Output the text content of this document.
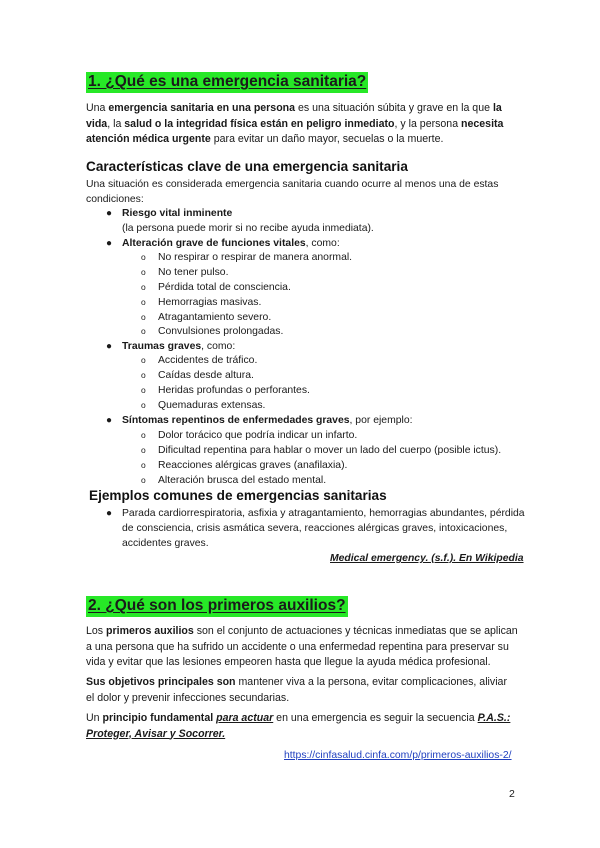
1. ¿Qué es una emergencia sanitaria?
Una emergencia sanitaria en una persona es una situación súbita y grave en la que la vida, la salud o la integridad física están en peligro inmediato, y la persona necesita atención médica urgente para evitar un daño mayor, secuelas o la muerte.
Características clave de una emergencia sanitaria
Una situación es considerada emergencia sanitaria cuando ocurre al menos una de estas
condiciones:
● Riesgo vital inminente
(la persona puede morir si no recibe ayuda inmediata).
● Alteración grave de funciones vitales, como:
o No respirar o respirar de manera anormal.
o No tener pulso.
o Pérdida total de consciencia.
o Hemorragias masivas.
o Atragantamiento severo.
o Convulsiones prolongadas.
● Traumas graves, como:
o Accidentes de tráfico.
o Caídas desde altura.
o Heridas profundas o perforantes.
o Quemaduras extensas.
● Síntomas repentinos de enfermedades graves, por ejemplo:
o Dolor torácico que podría indicar un infarto.
o Dificultad repentina para hablar o mover un lado del cuerpo (posible ictus).
o Reacciones alérgicas graves (anafilaxia).
o Alteración brusca del estado mental.
Ejemplos comunes de emergencias sanitarias
● Parada cardiorrespiratoria, asfixia y atragantamiento, hemorragias abundantes, pérdida
de consciencia, crisis asmática severa, reacciones alérgicas graves, intoxicaciones,
accidentes graves.
Medical emergency. (s.f.). En Wikipedia
2. ¿Qué son los primeros auxilios?
Los primeros auxilios son el conjunto de actuaciones y técnicas inmediatas que se aplican a una persona que ha sufrido un accidente o una enfermedad repentina para preservar su vida y evitar que las lesiones empeoren hasta que llegue la ayuda médica profesional.
Sus objetivos principales son mantener viva a la persona, evitar complicaciones, aliviar el dolor y prevenir infecciones secundarias.
Un principio fundamental para actuar en una emergencia es seguir la secuencia P.A.S.: Proteger, Avisar y Socorrer.
https://cinfasalud.cinfa.com/p/primeros-auxilios-2/
2
